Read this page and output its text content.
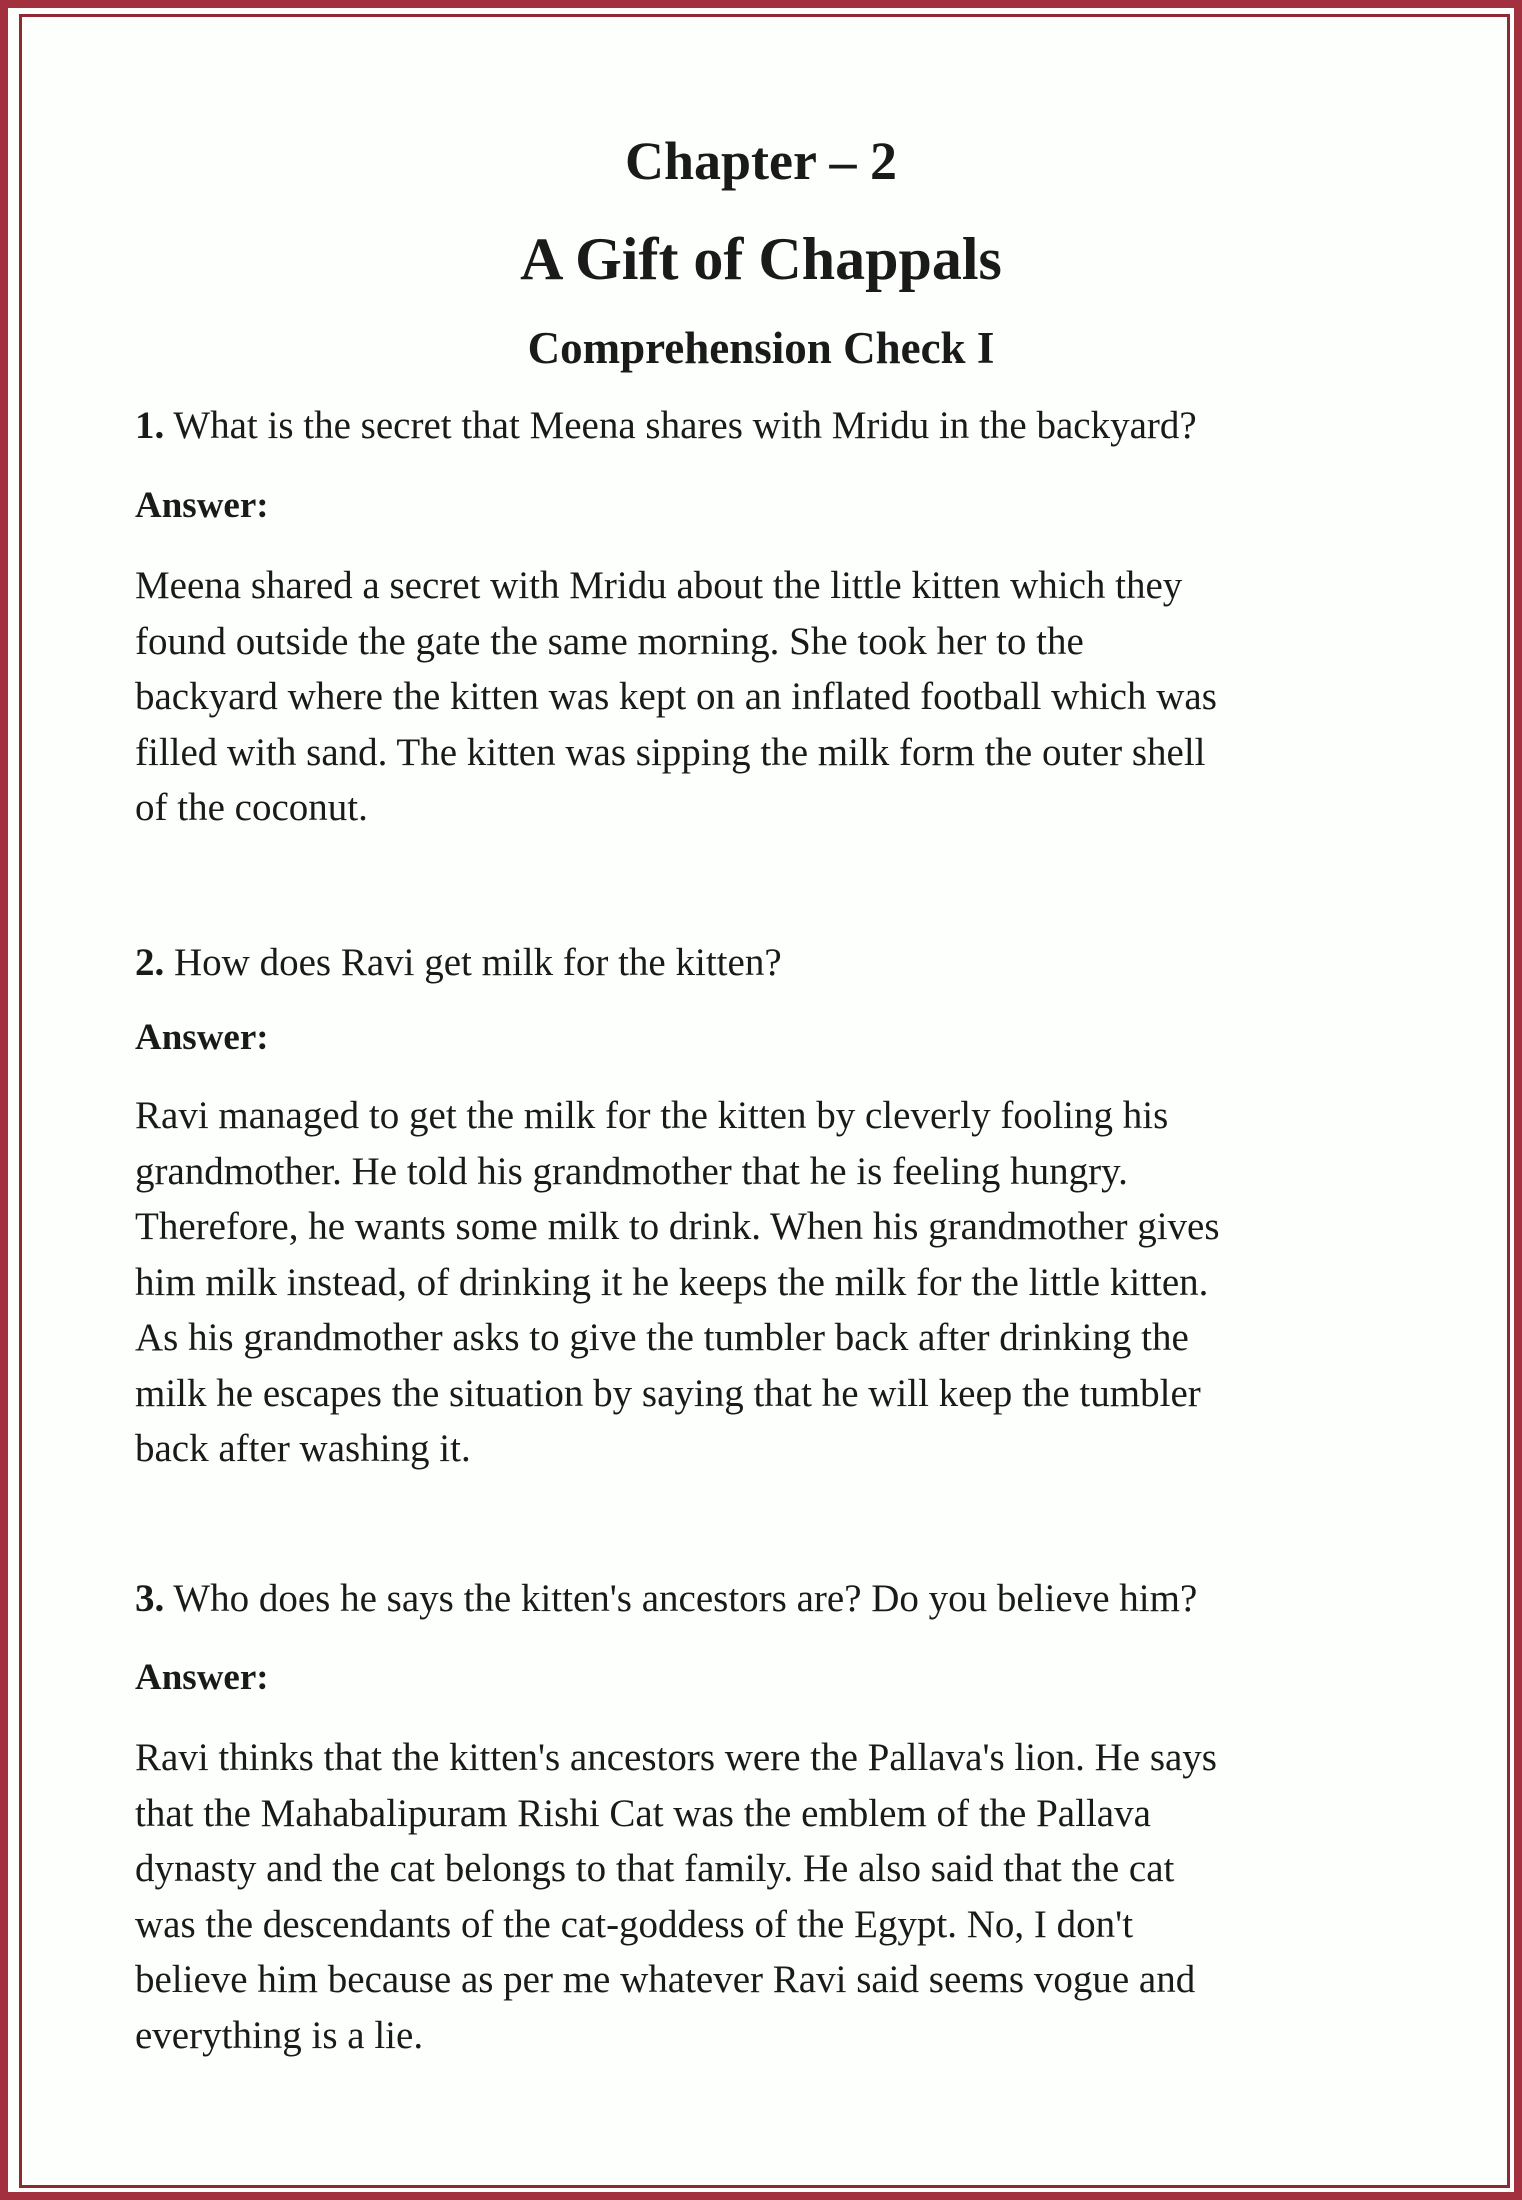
Chapter – 2
A Gift of Chappals
Comprehension Check I
1. What is the secret that Meena shares with Mridu in the backyard?
Answer:
Meena shared a secret with Mridu about the little kitten which they
found outside the gate the same morning. She took her to the
backyard where the kitten was kept on an inflated football which was
filled with sand. The kitten was sipping the milk form the outer shell
of the coconut.
2. How does Ravi get milk for the kitten?
Answer:
Ravi managed to get the milk for the kitten by cleverly fooling his
grandmother. He told his grandmother that he is feeling hungry.
Therefore, he wants some milk to drink. When his grandmother gives
him milk instead, of drinking it he keeps the milk for the little kitten.
As his grandmother asks to give the tumbler back after drinking the
milk he escapes the situation by saying that he will keep the tumbler
back after washing it.
3. Who does he says the kitten's ancestors are? Do you believe him?
Answer:
Ravi thinks that the kitten's ancestors were the Pallava's lion. He says
that the Mahabalipuram Rishi Cat was the emblem of the Pallava
dynasty and the cat belongs to that family. He also said that the cat
was the descendants of the cat-goddess of the Egypt. No, I don't
believe him because as per me whatever Ravi said seems vogue and
everything is a lie.
